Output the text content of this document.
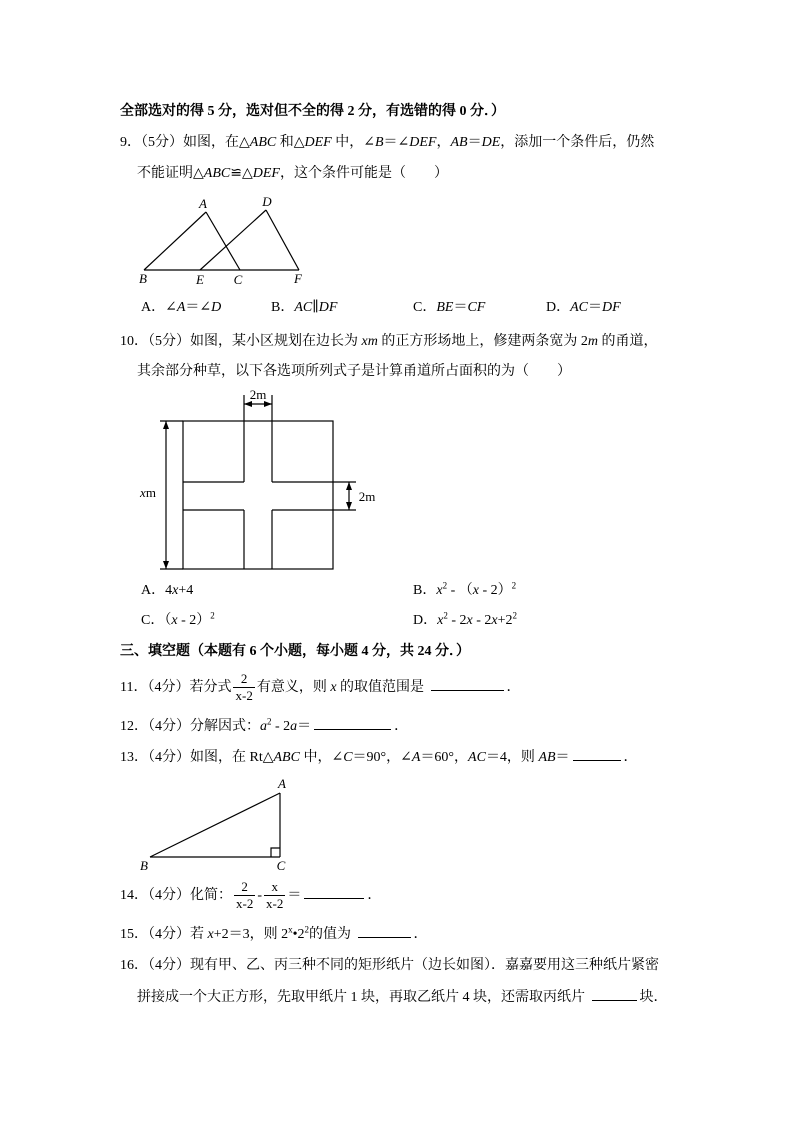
全部选对的得 5 分，选对但不全的得 2 分，有选错的得 0 分．）
9．（5分）如图，在△ABC 和△DEF 中，∠B＝∠DEF，AB＝DE，添加一个条件后，仍然
不能证明△ABC≌△DEF，这个条件可能是（　　）
A	D
B	E C	F
A．∠A＝∠D	B．AC∥DF	C．BE＝CF	D．AC＝DF
10．（5分）如图，某小区规划在边长为 xm 的正方形场地上，修建两条宽为 2m 的甬道，
其余部分种草，以下各选项所列式子是计算甬道所占面积的为（　　）
2m
xm	2m
A．4x+4	B．$x^2 - (x - 2)^2$
C．（x - 2）$^2$	D．$x^2 - 2x - 2x+2^2$
三、填空题（本题有 6 个小题，每小题 4 分，共 24 分．）
11．（4分）若分式 $\frac{2}{x-2}$ 有意义，则 x 的取值范围是	．
12．（4分）分解因式：$a^2 - 2a=$	．
13．（4分）如图，在 Rt△ABC 中，∠C＝90°，∠A＝60°，AC＝4，则 AB＝	．
A
B	C
14．（4分）化简： $\frac{2}{x-2} - \frac{x}{x-2}$ ＝	．
15．（4分）若 x+2＝3，则 $2^x•2^2$的值为	．
16．（4分）现有甲、乙、丙三种不同的矩形纸片（边长如图）．嘉嘉要用这三种纸片紧密
拼接成一个大正方形，先取甲纸片 1 块，再取乙纸片 4 块，还需取丙纸片	块．
